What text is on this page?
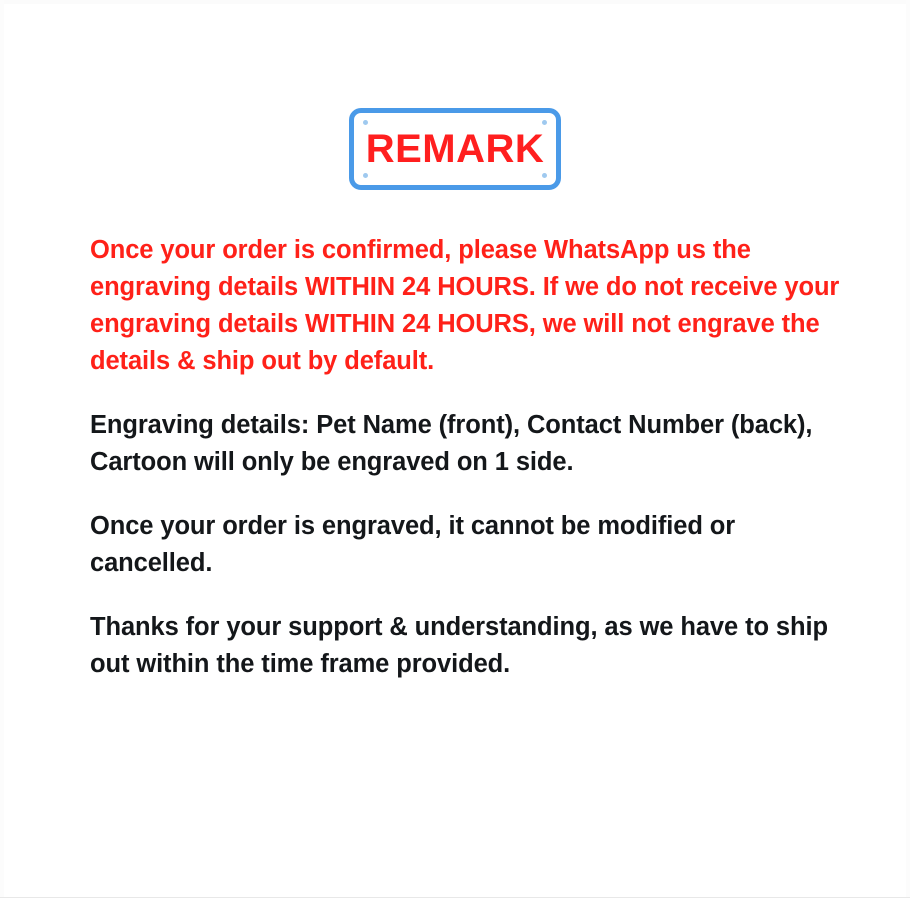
REMARK

Once your order is confirmed, please WhatsApp us the engraving details WITHIN 24 HOURS. If we do not receive your engraving details WITHIN 24 HOURS, we will not engrave the details & ship out by default.

Engraving details: Pet Name (front), Contact Number (back), Cartoon will only be engraved on 1 side.

Once your order is engraved, it cannot be modified or cancelled.

Thanks for your support & understanding, as we have to ship out within the time frame provided.
